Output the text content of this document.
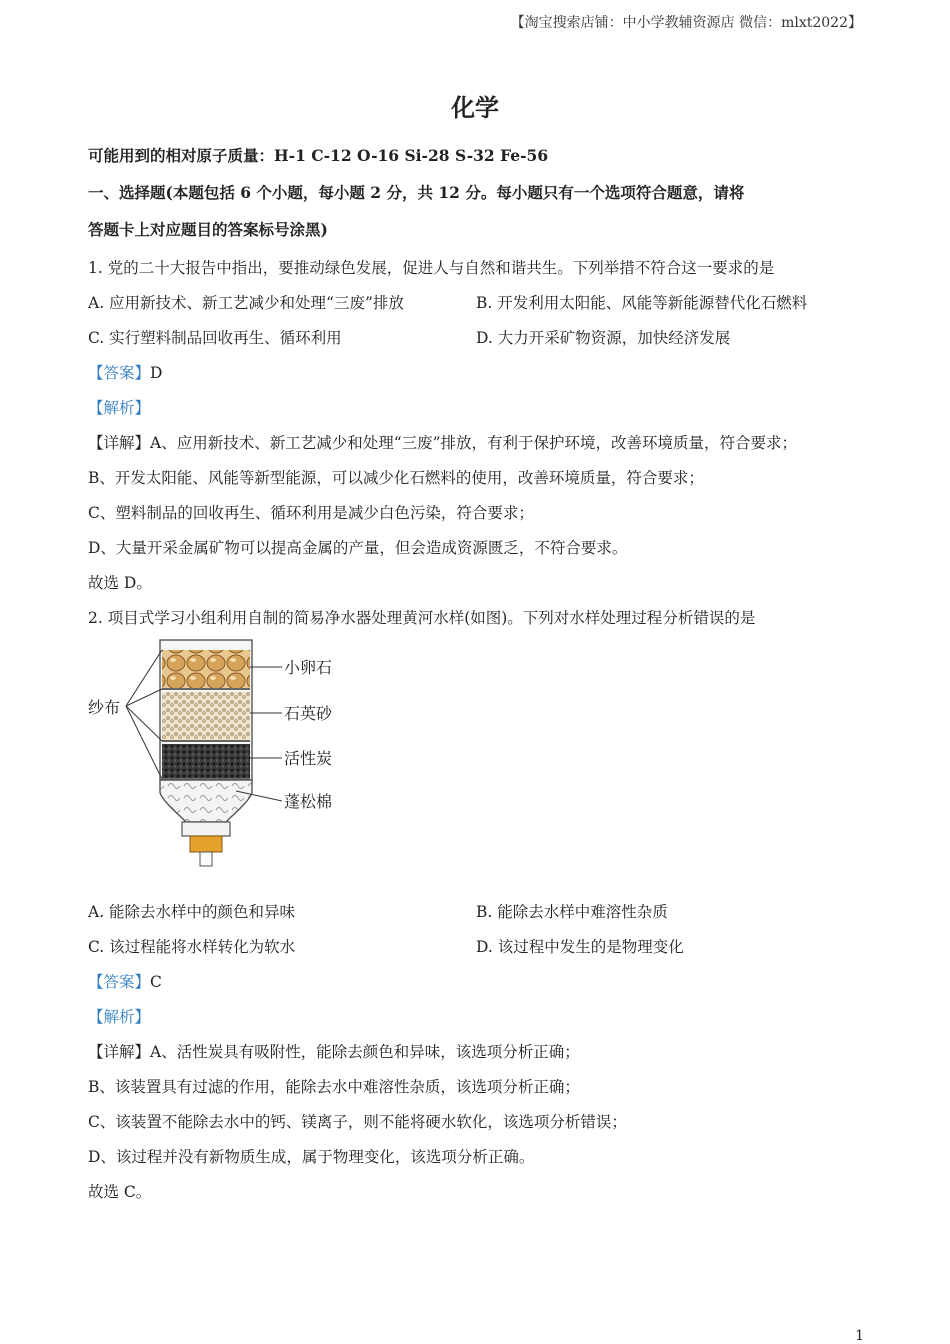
【淘宝搜索店铺：中小学教辅资源店 微信：mlxt2022】
化学
可能用到的相对原子质量：H-1 C-12 O-16 Si-28 S-32 Fe-56
一、选择题(本题包括 6 个小题，每小题 2 分，共 12 分。每小题只有一个选项符合题意，请将
答题卡上对应题目的答案标号涂黑)
1. 党的二十大报告中指出，要推动绿色发展，促进人与自然和谐共生。下列举措不符合这一要求的是
A. 应用新技术、新工艺减少和处理“三废”排放	B. 开发利用太阳能、风能等新能源替代化石燃料
C. 实行塑料制品回收再生、循环利用	D. 大力开采矿物资源，加快经济发展
【答案】D
【解析】
【详解】A、应用新技术、新工艺减少和处理“三废”排放，有利于保护环境，改善环境质量，符合要求；
B、开发太阳能、风能等新型能源，可以减少化石燃料的使用，改善环境质量，符合要求；
C、塑料制品的回收再生、循环利用是减少白色污染，符合要求；
D、大量开采金属矿物可以提高金属的产量，但会造成资源匮乏，不符合要求。
故选 D。
2. 项目式学习小组利用自制的简易净水器处理黄河水样(如图)。下列对水样处理过程分析错误的是
纱布
小卵石
石英砂
活性炭
蓬松棉
A. 能除去水样中的颜色和异味	B. 能除去水样中难溶性杂质
C. 该过程能将水样转化为软水	D. 该过程中发生的是物理变化
【答案】C
【解析】
【详解】A、活性炭具有吸附性，能除去颜色和异味，该选项分析正确；
B、该装置具有过滤的作用，能除去水中难溶性杂质，该选项分析正确；
C、该装置不能除去水中的钙、镁离子，则不能将硬水软化，该选项分析错误；
D、该过程并没有新物质生成，属于物理变化，该选项分析正确。
故选 C。
1
